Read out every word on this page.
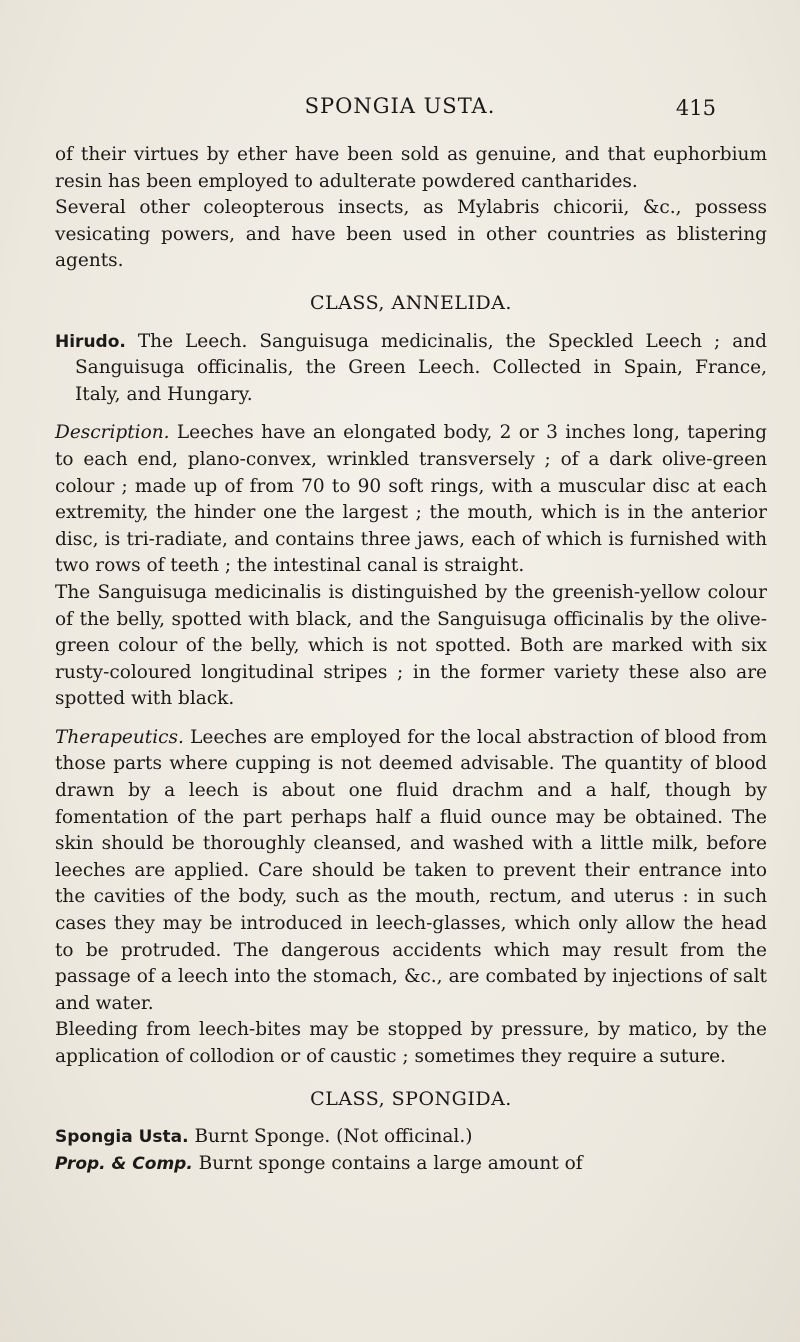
SPONGIA USTA.	415

of their virtues by ether have been sold as genuine, and that euphorbium resin has been employed to adulterate powdered cantharides.

Several other coleopterous insects, as Mylabris chicorii, &c., possess vesicating powers, and have been used in other countries as blistering agents.

CLASS, ANNELIDA.

Hirudo. The Leech. Sanguisuga medicinalis, the Speckled Leech ; and Sanguisuga officinalis, the Green Leech. Collected in Spain, France, Italy, and Hungary.

Description. Leeches have an elongated body, 2 or 3 inches long, tapering to each end, plano-convex, wrinkled transversely ; of a dark olive-green colour ; made up of from 70 to 90 soft rings, with a muscular disc at each extremity, the hinder one the largest ; the mouth, which is in the anterior disc, is tri-radiate, and contains three jaws, each of which is furnished with two rows of teeth ; the intestinal canal is straight.

The Sanguisuga medicinalis is distinguished by the greenish-yellow colour of the belly, spotted with black, and the Sanguisuga officinalis by the olive-green colour of the belly, which is not spotted. Both are marked with six rusty-coloured longitudinal stripes ; in the former variety these also are spotted with black.

Therapeutics. Leeches are employed for the local abstraction of blood from those parts where cupping is not deemed advisable. The quantity of blood drawn by a leech is about one fluid drachm and a half, though by fomentation of the part perhaps half a fluid ounce may be obtained. The skin should be thoroughly cleansed, and washed with a little milk, before leeches are applied. Care should be taken to prevent their entrance into the cavities of the body, such as the mouth, rectum, and uterus : in such cases they may be introduced in leech-glasses, which only allow the head to be protruded. The dangerous accidents which may result from the passage of a leech into the stomach, &c., are combated by injections of salt and water.

Bleeding from leech-bites may be stopped by pressure, by matico, by the application of collodion or of caustic ; sometimes they require a suture.

CLASS, SPONGIDA.

Spongia Usta. Burnt Sponge. (Not officinal.)

Prop. & Comp. Burnt sponge contains a large amount of
